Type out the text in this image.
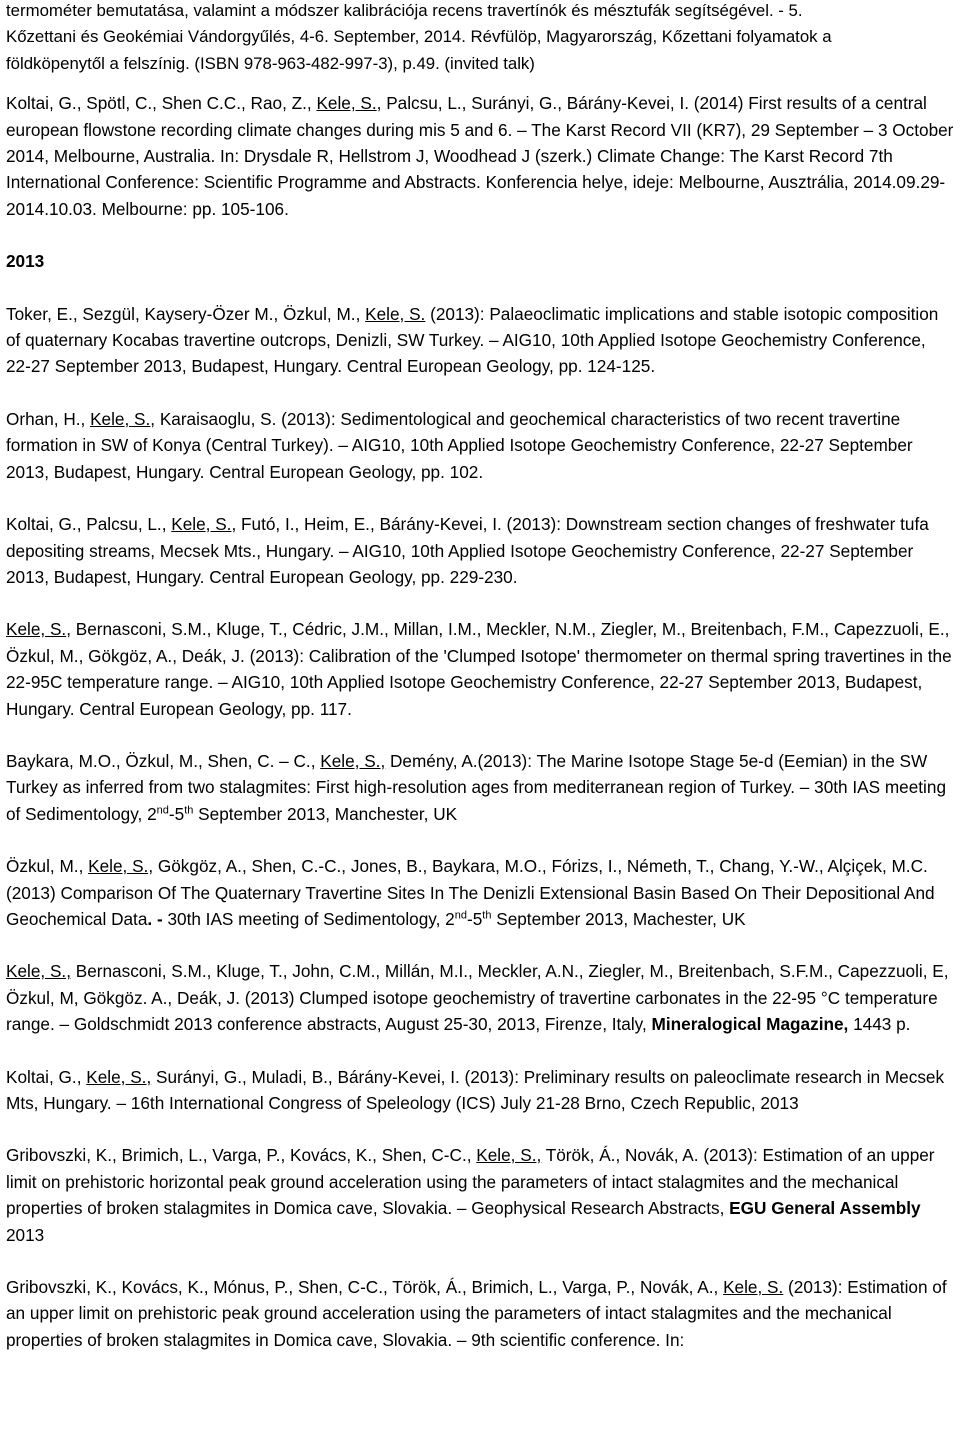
termométer bemutatása, valamint a módszer kalibrációja recens travertínók és mésztufák segítségével. - 5.
Kőzettani és Geokémiai Vándorgyűlés, 4-6. September, 2014. Révfülöp, Magyarország, Kőzettani folyamatok a
földköpenytől a felszínig. (ISBN 978-963-482-997-3), p.49. (invited talk)

Koltai, G., Spötl, C., Shen C.C., Rao, Z., Kele, S., Palcsu, L., Surányi, G., Bárány-Kevei, I. (2014) First results of a central european flowstone recording climate changes during mis 5 and 6. – The Karst Record VII (KR7), 29 September – 3 October 2014, Melbourne, Australia. In: Drysdale R, Hellstrom J, Woodhead J (szerk.) Climate Change: The Karst Record 7th International Conference: Scientific Programme and Abstracts. Konferencia helye, ideje: Melbourne, Ausztrália, 2014.09.29-2014.10.03. Melbourne: pp. 105-106.

2013

Toker, E., Sezgül, Kaysery-Özer M., Özkul, M., Kele, S. (2013): Palaeoclimatic implications and stable isotopic composition of quaternary Kocabas travertine outcrops, Denizli, SW Turkey. – AIG10, 10th Applied Isotope Geochemistry Conference, 22-27 September 2013, Budapest, Hungary. Central European Geology, pp. 124-125.

Orhan, H., Kele, S., Karaisaoglu, S. (2013): Sedimentological and geochemical characteristics of two recent travertine formation in SW of Konya (Central Turkey). – AIG10, 10th Applied Isotope Geochemistry Conference, 22-27 September 2013, Budapest, Hungary. Central European Geology, pp. 102.

Koltai, G., Palcsu, L., Kele, S., Futó, I., Heim, E., Bárány-Kevei, I. (2013): Downstream section changes of freshwater tufa depositing streams, Mecsek Mts., Hungary. – AIG10, 10th Applied Isotope Geochemistry Conference, 22-27 September 2013, Budapest, Hungary. Central European Geology, pp. 229-230.

Kele, S., Bernasconi, S.M., Kluge, T., Cédric, J.M., Millan, I.M., Meckler, N.M., Ziegler, M., Breitenbach, F.M., Capezzuoli, E., Özkul, M., Gökgöz, A., Deák, J. (2013): Calibration of the 'Clumped Isotope' thermometer on thermal spring travertines in the 22-95C temperature range. – AIG10, 10th Applied Isotope Geochemistry Conference, 22-27 September 2013, Budapest, Hungary. Central European Geology, pp. 117.

Baykara, M.O., Özkul, M., Shen, C. – C., Kele, S., Demény, A.(2013): The Marine Isotope Stage 5e-d (Eemian) in the SW Turkey as inferred from two stalagmites: First high-resolution ages from mediterranean region of Turkey. – 30th IAS meeting of Sedimentology, 2nd-5th September 2013, Manchester, UK

Özkul, M., Kele, S., Gökgöz, A., Shen, C.-C., Jones, B., Baykara, M.O., Fórizs, I., Németh, T., Chang, Y.-W., Alçiçek, M.C. (2013) Comparison Of The Quaternary Travertine Sites In The Denizli Extensional Basin Based On Their Depositional And Geochemical Data. - 30th IAS meeting of Sedimentology, 2nd-5th September 2013, Machester, UK

Kele, S., Bernasconi, S.M., Kluge, T., John, C.M., Millán, M.I., Meckler, A.N., Ziegler, M., Breitenbach, S.F.M., Capezzuoli, E, Özkul, M, Gökgöz. A., Deák, J. (2013) Clumped isotope geochemistry of travertine carbonates in the 22-95 °C temperature range. – Goldschmidt 2013 conference abstracts, August 25-30, 2013, Firenze, Italy, Mineralogical Magazine, 1443 p.

Koltai, G., Kele, S., Surányi, G., Muladi, B., Bárány-Kevei, I. (2013): Preliminary results on paleoclimate research in Mecsek Mts, Hungary. – 16th International Congress of Speleology (ICS) July 21-28 Brno, Czech Republic, 2013

Gribovszki, K., Brimich, L., Varga, P., Kovács, K., Shen, C-C., Kele, S., Török, Á., Novák, A. (2013): Estimation of an upper limit on prehistoric horizontal peak ground acceleration using the parameters of intact stalagmites and the mechanical properties of broken stalagmites in Domica cave, Slovakia. – Geophysical Research Abstracts, EGU General Assembly 2013

Gribovszki, K., Kovács, K., Mónus, P., Shen, C-C., Török, Á., Brimich, L., Varga, P., Novák, A., Kele, S. (2013): Estimation of an upper limit on prehistoric peak ground acceleration using the parameters of intact stalagmites and the mechanical properties of broken stalagmites in Domica cave, Slovakia. – 9th scientific conference. In:
